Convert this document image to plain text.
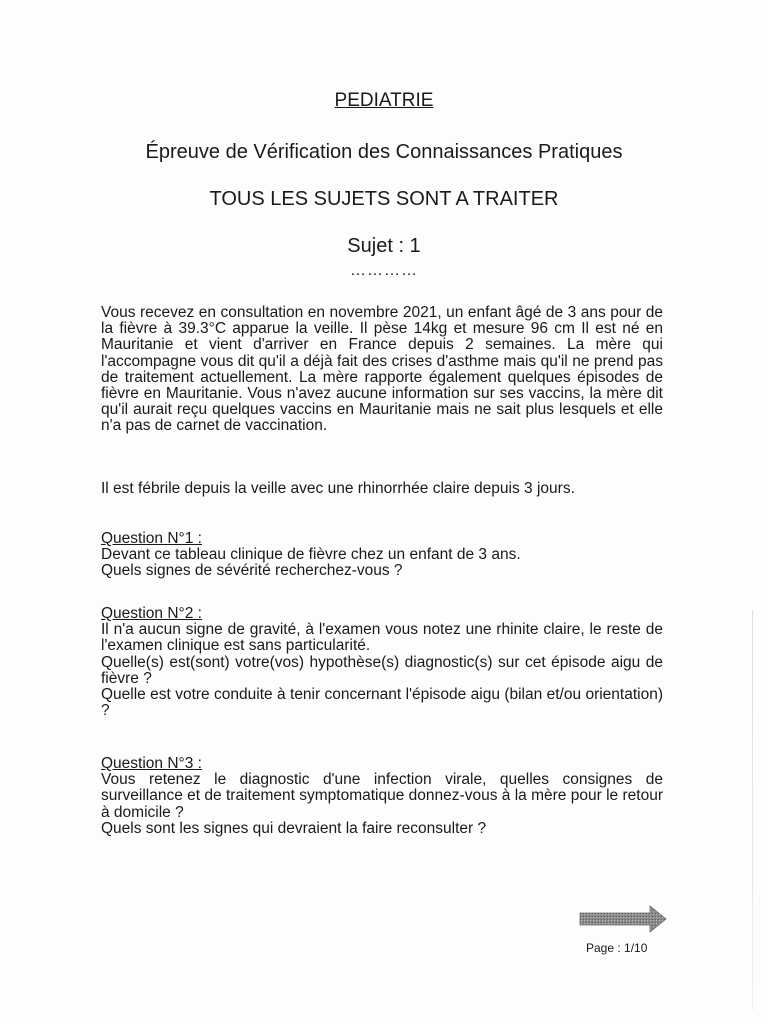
PEDIATRIE
Épreuve de Vérification des Connaissances Pratiques
TOUS LES SUJETS SONT A TRAITER
Sujet : 1
…………
Vous recevez en consultation en novembre 2021, un enfant âgé de 3 ans pour de la fièvre à 39.3°C apparue la veille. Il pèse 14kg et mesure 96 cm Il est né en Mauritanie et vient d'arriver en France depuis 2 semaines. La mère qui l'accompagne vous dit qu'il a déjà fait des crises d'asthme mais qu'il ne prend pas de traitement actuellement. La mère rapporte également quelques épisodes de fièvre en Mauritanie. Vous n'avez aucune information sur ses vaccins, la mère dit qu'il aurait reçu quelques vaccins en Mauritanie mais ne sait plus lesquels et elle n'a pas de carnet de vaccination.
Il est fébrile depuis la veille avec une rhinorrhée claire depuis 3 jours.
Question N°1 :

Devant ce tableau clinique de fièvre chez un enfant de 3 ans.

Quels signes de sévérité recherchez-vous ?

Question N°2 :

Il n'a aucun signe de gravité, à l'examen vous notez une rhinite claire, le reste de l'examen clinique est sans particularité.

Quelle(s) est(sont) votre(vos) hypothèse(s) diagnostic(s) sur cet épisode aigu de fièvre ?

Quelle est votre conduite à tenir concernant l'épisode aigu (bilan et/ou orientation) ?

Question N°3 :

Vous retenez le diagnostic d'une infection virale, quelles consignes de surveillance et de traitement symptomatique donnez-vous à la mère pour le retour à domicile ?

Quels sont les signes qui devraient la faire reconsulter ?

Page : 1/10
